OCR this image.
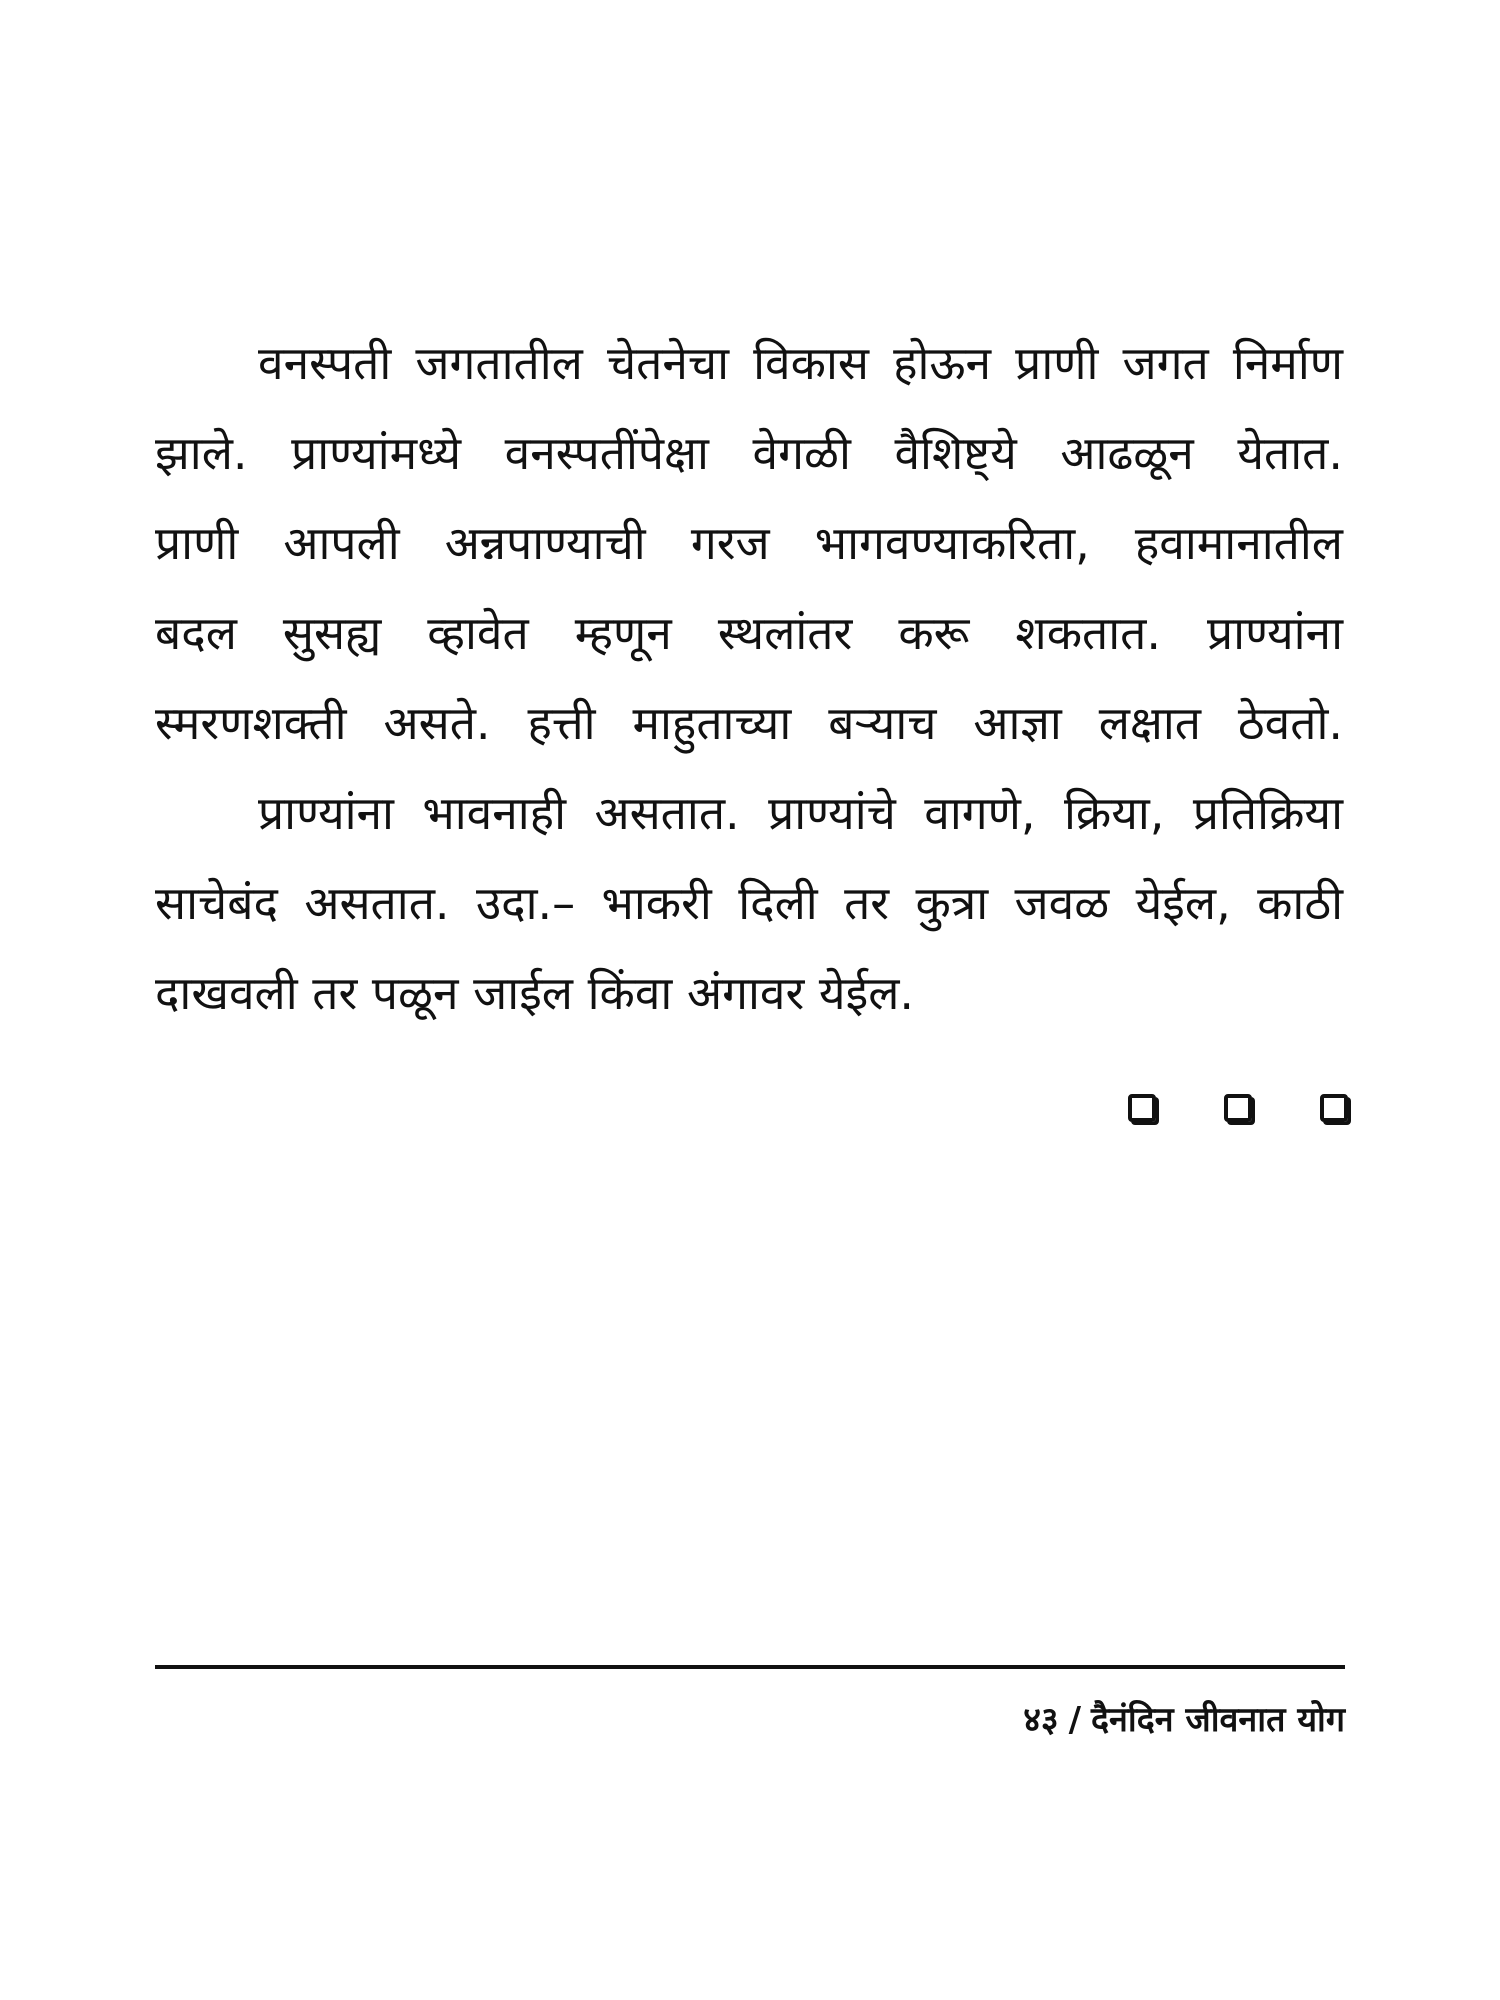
वनस्पती जगतातील चेतनेचा विकास होऊन प्राणी जगत निर्माण
झाले. प्राण्यांमध्ये वनस्पतींपेक्षा वेगळी वैशिष्ट्ये आढळून येतात.
प्राणी आपली अन्नपाण्याची गरज भागवण्याकरिता, हवामानातील
बदल सुसह्य व्हावेत म्हणून स्थलांतर करू शकतात. प्राण्यांना
स्मरणशक्ती असते. हत्ती माहुताच्या बऱ्याच आज्ञा लक्षात ठेवतो.

प्राण्यांना भावनाही असतात. प्राण्यांचे वागणे, क्रिया, प्रतिक्रिया
साचेबंद असतात. उदा.– भाकरी दिली तर कुत्रा जवळ येईल, काठी
दाखवली तर पळून जाईल किंवा अंगावर येईल.

४३ / दैनंदिन जीवनात योग
